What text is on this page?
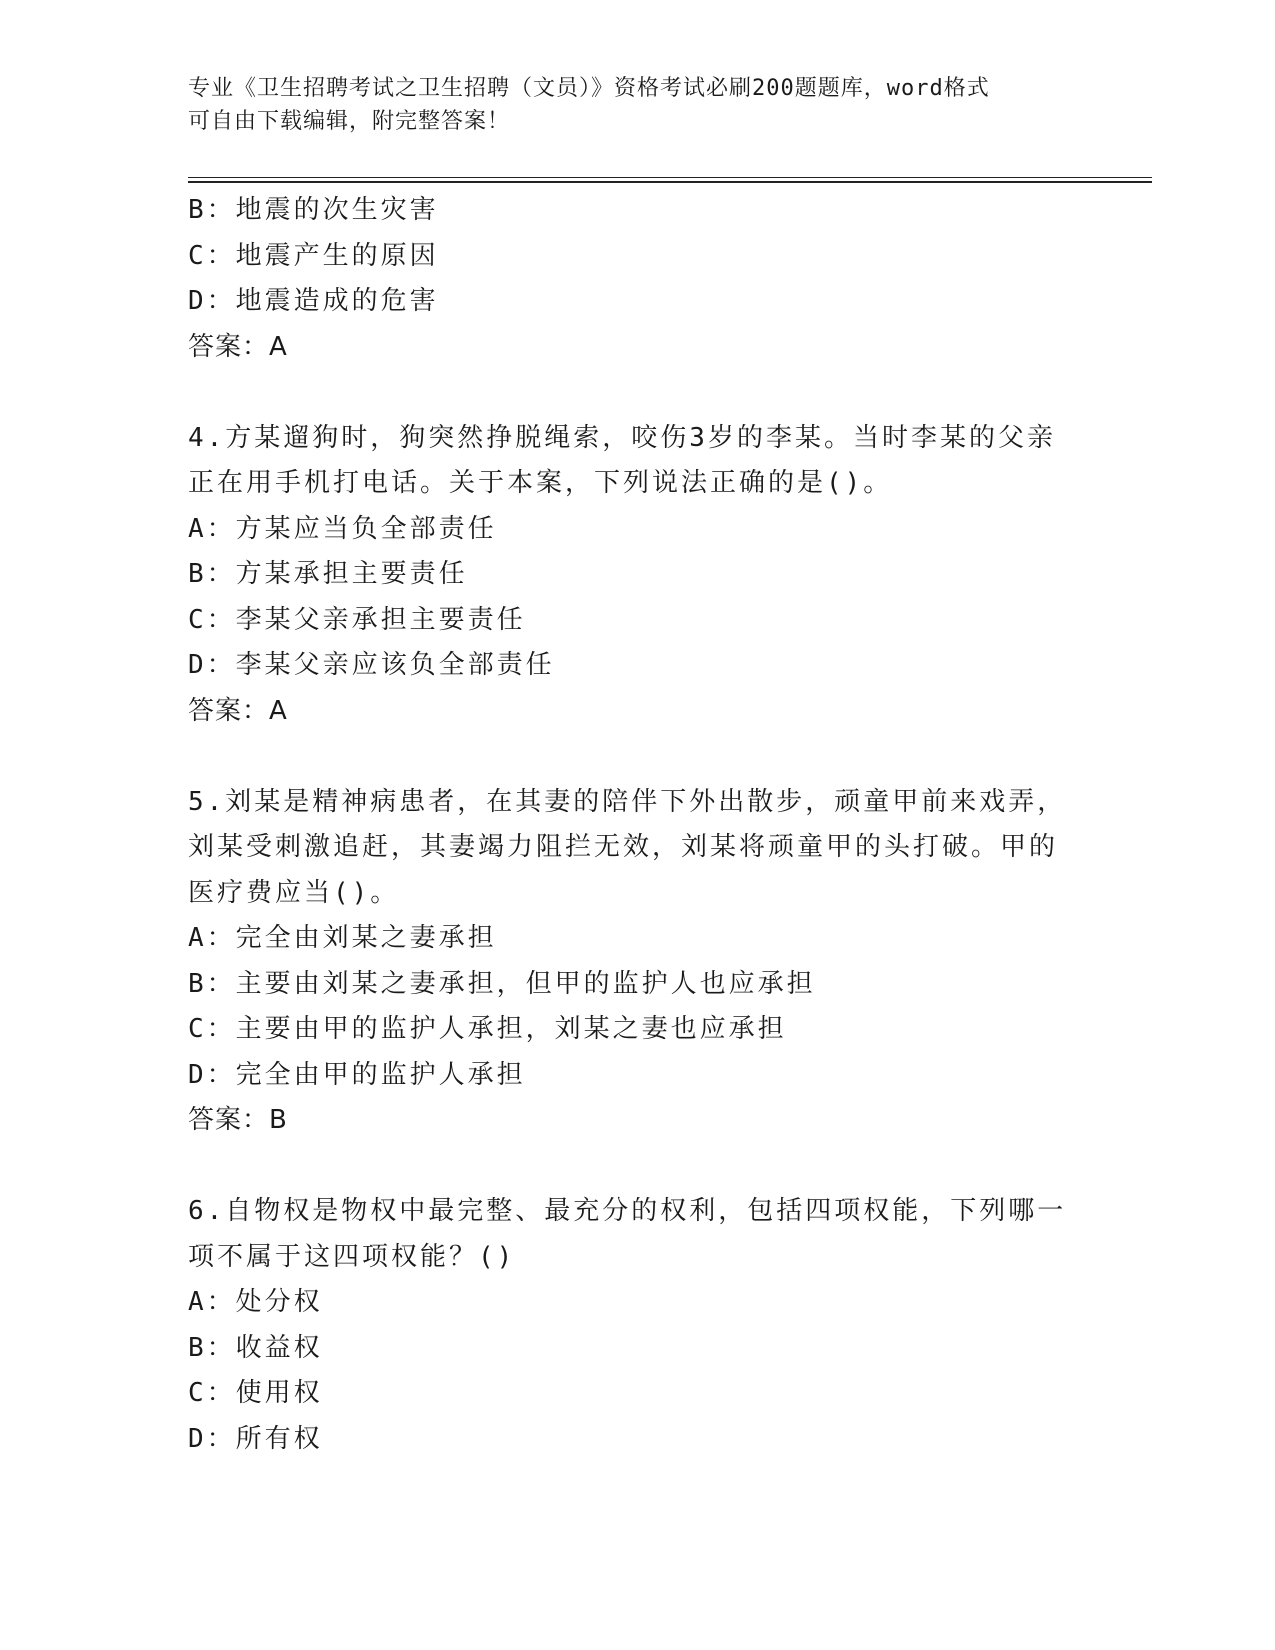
专业《卫生招聘考试之卫生招聘（文员）》资格考试必刷200题题库，word格式
可自由下载编辑，附完整答案！
B：地震的次生灾害
C：地震产生的原因
D：地震造成的危害
答案：A
4.方某遛狗时，狗突然挣脱绳索，咬伤3岁的李某。当时李某的父亲
正在用手机打电话。关于本案，下列说法正确的是()。
A：方某应当负全部责任
B：方某承担主要责任
C：李某父亲承担主要责任
D：李某父亲应该负全部责任
答案：A
5.刘某是精神病患者，在其妻的陪伴下外出散步，顽童甲前来戏弄，
刘某受刺激追赶，其妻竭力阻拦无效，刘某将顽童甲的头打破。甲的
医疗费应当()。
A：完全由刘某之妻承担
B：主要由刘某之妻承担，但甲的监护人也应承担
C：主要由甲的监护人承担，刘某之妻也应承担
D：完全由甲的监护人承担
答案：B
6.自物权是物权中最完整、最充分的权利，包括四项权能，下列哪一
项不属于这四项权能？()
A：处分权
B：收益权
C：使用权
D：所有权
